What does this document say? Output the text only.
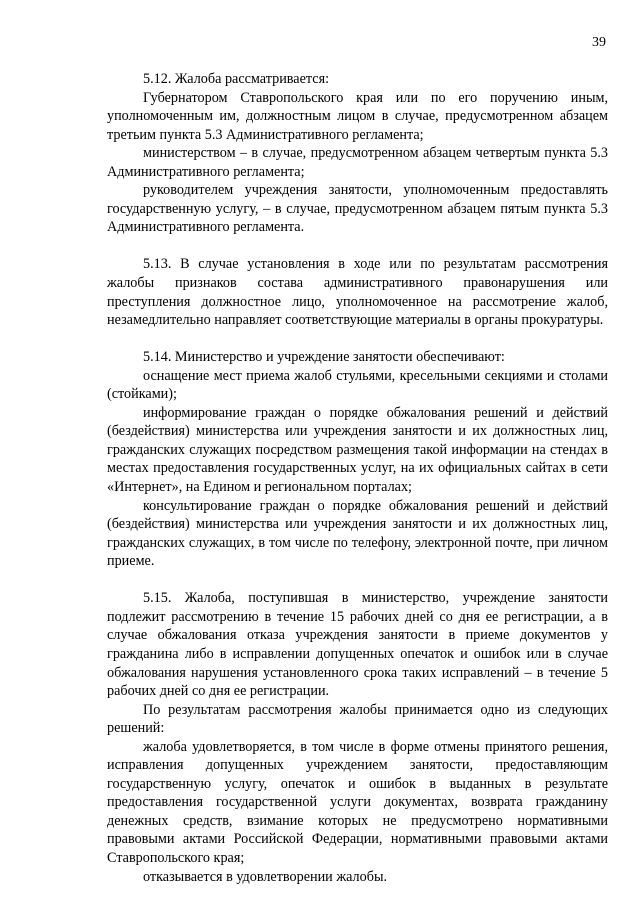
39

5.12. Жалоба рассматривается:

Губернатором Ставропольского края или по его поручению иным, уполномоченным им, должностным лицом в случае, предусмотренном абзацем третьим пункта 5.3 Административного регламента;

министерством – в случае, предусмотренном абзацем четвертым пункта 5.3 Административного регламента;

руководителем учреждения занятости, уполномоченным предоставлять государственную услугу, – в случае, предусмотренном абзацем пятым пункта 5.3 Административного регламента.

5.13. В случае установления в ходе или по результатам рассмотрения жалобы признаков состава административного правонарушения или преступления должностное лицо, уполномоченное на рассмотрение жалоб, незамедлительно направляет соответствующие материалы в органы прокуратуры.

5.14. Министерство и учреждение занятости обеспечивают:

оснащение мест приема жалоб стульями, кресельными секциями и столами (стойками);

информирование граждан о порядке обжалования решений и действий (бездействия) министерства или учреждения занятости и их должностных лиц, гражданских служащих посредством размещения такой информации на стендах в местах предоставления государственных услуг, на их официальных сайтах в сети «Интернет», на Едином и региональном порталах;

консультирование граждан о порядке обжалования решений и действий (бездействия) министерства или учреждения занятости и их должностных лиц, гражданских служащих, в том числе по телефону, электронной почте, при личном приеме.

5.15. Жалоба, поступившая в министерство, учреждение занятости подлежит рассмотрению в течение 15 рабочих дней со дня ее регистрации, а в случае обжалования отказа учреждения занятости в приеме документов у гражданина либо в исправлении допущенных опечаток и ошибок или в случае обжалования нарушения установленного срока таких исправлений – в течение 5 рабочих дней со дня ее регистрации.

По результатам рассмотрения жалобы принимается одно из следующих решений:

жалоба удовлетворяется, в том числе в форме отмены принятого решения, исправления допущенных учреждением занятости, предоставляющим государственную услугу, опечаток и ошибок в выданных в результате предоставления государственной услуги документах, возврата гражданину денежных средств, взимание которых не предусмотрено нормативными правовыми актами Российской Федерации, нормативными правовыми актами Ставропольского края;

отказывается в удовлетворении жалобы.
